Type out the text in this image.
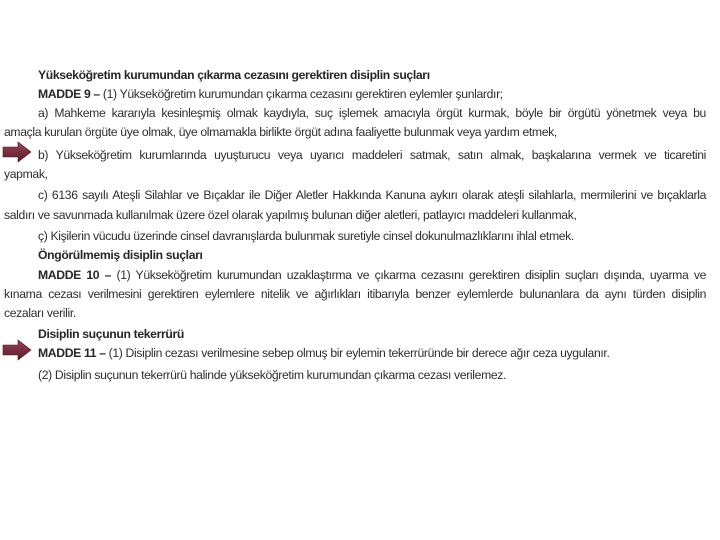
Yükseköğretim kurumundan çıkarma cezasını gerektiren disiplin suçları
MADDE 9 – (1) Yükseköğretim kurumundan çıkarma cezasını gerektiren eylemler şunlardır;
a) Mahkeme kararıyla kesinleşmiş olmak kaydıyla, suç işlemek amacıyla örgüt kurmak, böyle bir örgütü yönetmek veya bu
amaçla kurulan örgüte üye olmak, üye olmamakla birlikte örgüt adına faaliyette bulunmak veya yardım etmek,
b) Yükseköğretim kurumlarında uyuşturucu veya uyarıcı maddeleri satmak, satın almak, başkalarına vermek ve ticaretini
yapmak,
c) 6136 sayılı Ateşli Silahlar ve Bıçaklar ile Diğer Aletler Hakkında Kanuna aykırı olarak ateşli silahlarla, mermilerini ve bıçaklarla
saldırı ve savunmada kullanılmak üzere özel olarak yapılmış bulunan diğer aletleri, patlayıcı maddeleri kullanmak,
ç) Kişilerin vücudu üzerinde cinsel davranışlarda bulunmak suretiyle cinsel dokunulmazlıklarını ihlal etmek.
Öngörülmemiş disiplin suçları
MADDE 10 – (1) Yükseköğretim kurumundan uzaklaştırma ve çıkarma cezasını gerektiren disiplin suçları dışında, uyarma ve
kınama cezası verilmesini gerektiren eylemlere nitelik ve ağırlıkları itibarıyla benzer eylemlerde bulunanlara da aynı türden disiplin
cezaları verilir.
Disiplin suçunun tekerrürü
MADDE 11 – (1) Disiplin cezası verilmesine sebep olmuş bir eylemin tekerrüründe bir derece ağır ceza uygulanır.
(2) Disiplin suçunun tekerrürü halinde yükseköğretim kurumundan çıkarma cezası verilemez.
